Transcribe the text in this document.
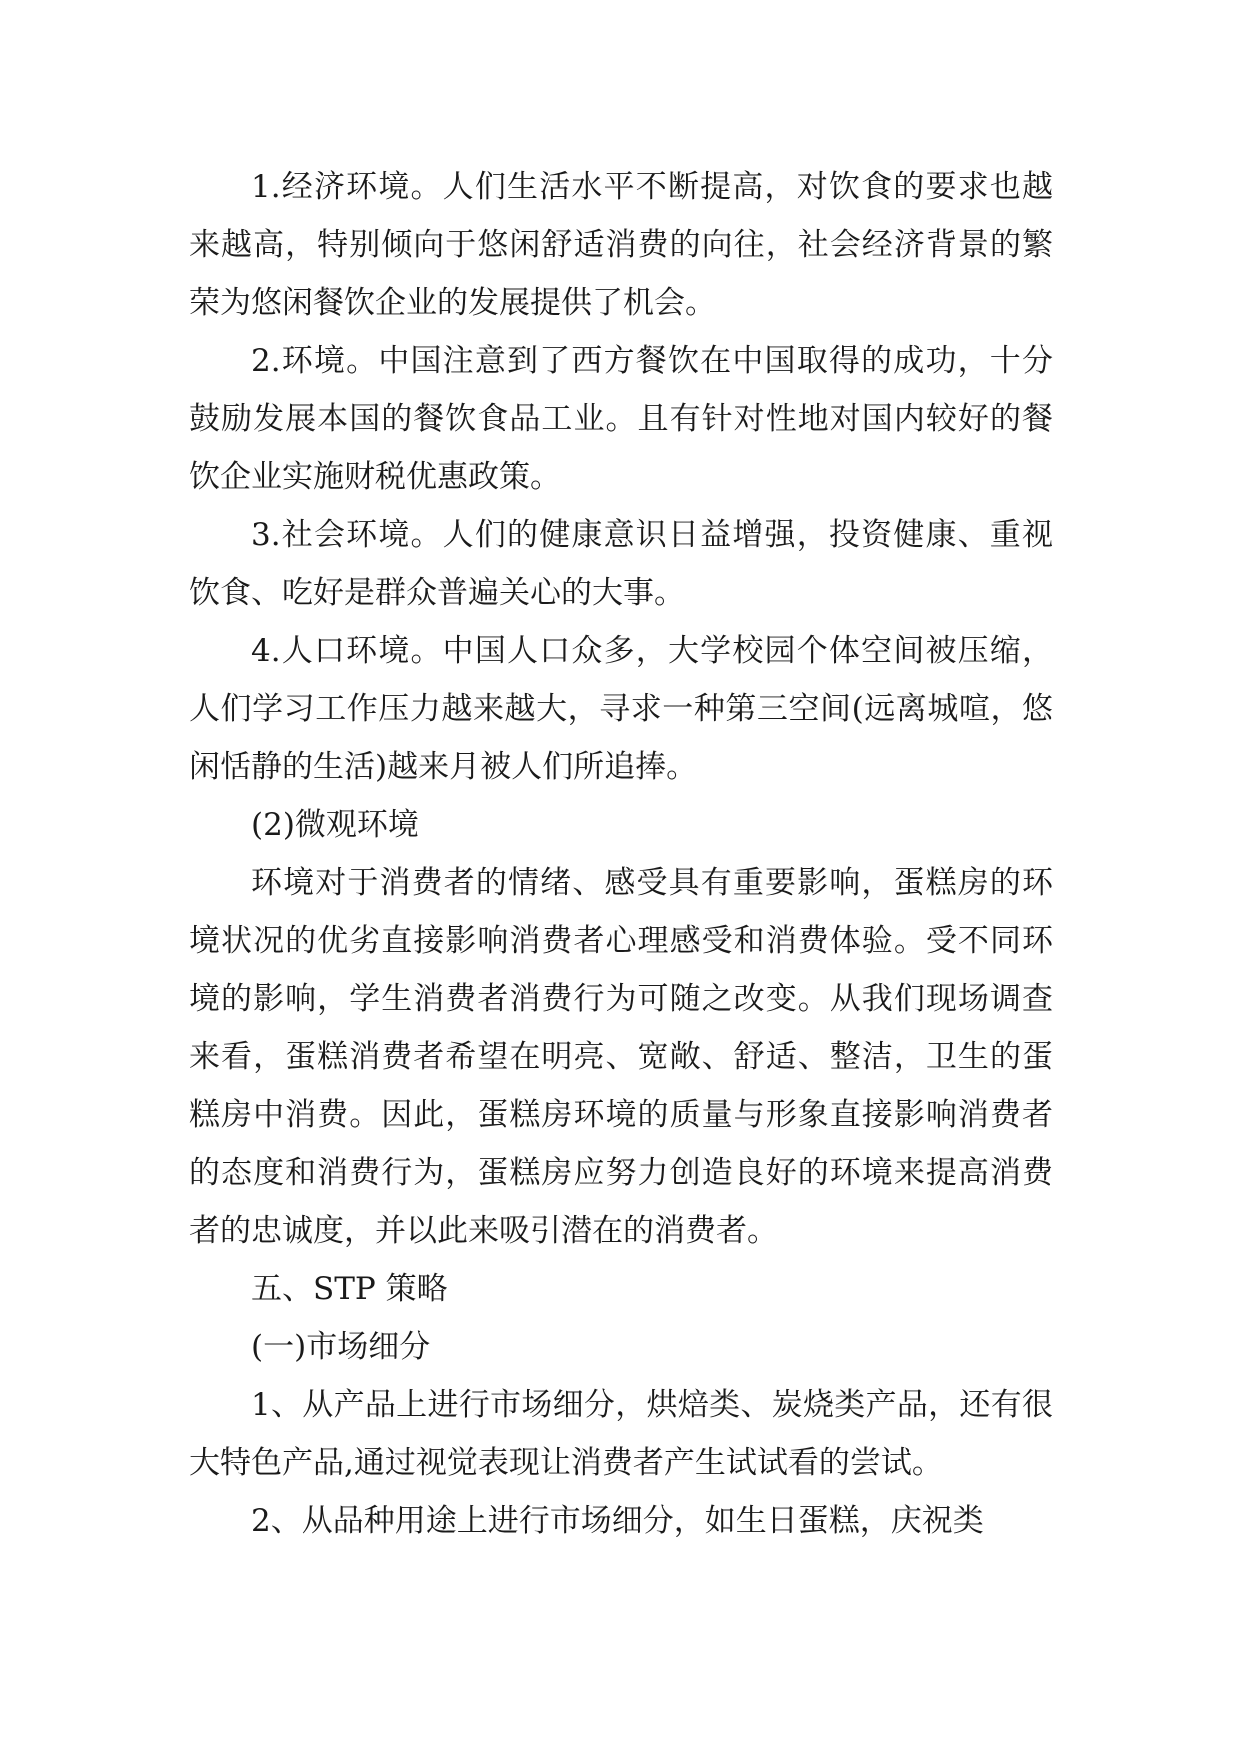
1.经济环境。人们生活水平不断提高，对饮食的要求也越来越高，特别倾向于悠闲舒适消费的向往，社会经济背景的繁荣为悠闲餐饮企业的发展提供了机会。

2.环境。中国注意到了西方餐饮在中国取得的成功，十分鼓励发展本国的餐饮食品工业。且有针对性地对国内较好的餐饮企业实施财税优惠政策。

3.社会环境。人们的健康意识日益增强，投资健康、重视饮食、吃好是群众普遍关心的大事。

4.人口环境。中国人口众多，大学校园个体空间被压缩，人们学习工作压力越来越大，寻求一种第三空间(远离城喧，悠闲恬静的生活)越来月被人们所追捧。

(2)微观环境

环境对于消费者的情绪、感受具有重要影响，蛋糕房的环境状况的优劣直接影响消费者心理感受和消费体验。受不同环境的影响，学生消费者消费行为可随之改变。从我们现场调查来看，蛋糕消费者希望在明亮、宽敞、舒适、整洁，卫生的蛋糕房中消费。因此，蛋糕房环境的质量与形象直接影响消费者的态度和消费行为，蛋糕房应努力创造良好的环境来提高消费者的忠诚度，并以此来吸引潜在的消费者。

五、STP 策略

(一)市场细分

1、从产品上进行市场细分，烘焙类、炭烧类产品，还有很大特色产品,通过视觉表现让消费者产生试试看的尝试。

2、从品种用途上进行市场细分，如生日蛋糕，庆祝类
